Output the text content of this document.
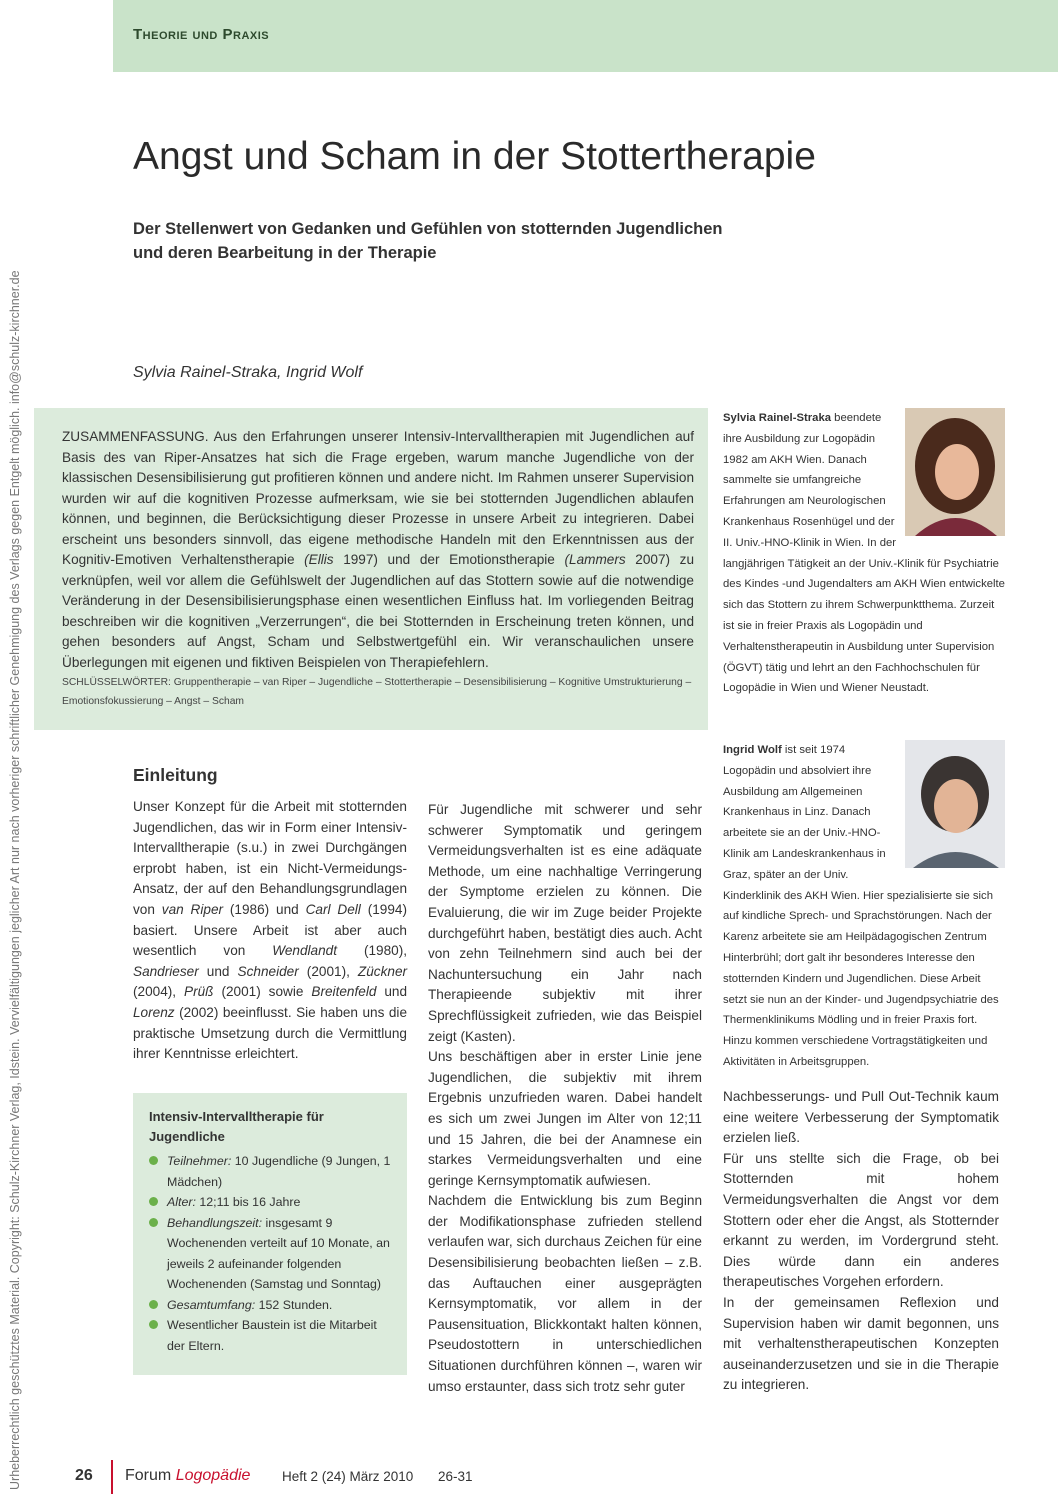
Theorie und Praxis
Urheberrechtlich geschütztes Material. Copyright: Schulz-Kirchner Verlag, Idstein. Vervielfältigungen jeglicher Art nur nach vorheriger schriftlicher Genehmigung des Verlags gegen Entgelt möglich. info@schulz-kirchner.de
Angst und Scham in der Stottertherapie
Der Stellenwert von Gedanken und Gefühlen von stotternden Jugendlichen und deren Bearbeitung in der Therapie
Sylvia Rainel-Straka, Ingrid Wolf
ZUSAMMENFASSUNG. Aus den Erfahrungen unserer Intensiv-Intervalltherapien mit Jugendlichen auf Basis des van Riper-Ansatzes hat sich die Frage ergeben, warum manche Jugendliche von der klassischen Desensibilisierung gut profitieren können und andere nicht. Im Rahmen unserer Supervision wurden wir auf die kognitiven Prozesse aufmerksam, wie sie bei stotternden Jugendlichen ablaufen können, und beginnen, die Berücksichtigung dieser Prozesse in unsere Arbeit zu integrieren. Dabei erscheint uns besonders sinnvoll, das eigene methodische Handeln mit den Erkenntnissen aus der Kognitiv-Emotiven Verhaltenstherapie (Ellis 1997) und der Emotionstherapie (Lammers 2007) zu verknüpfen, weil vor allem die Gefühlswelt der Jugendlichen auf das Stottern sowie auf die notwendige Veränderung in der Desensibilisierungsphase einen wesentlichen Einfluss hat. Im vorliegenden Beitrag beschreiben wir die kognitiven „Verzerrungen“, die bei Stotternden in Erscheinung treten können, und gehen besonders auf Angst, Scham und Selbstwertgefühl ein. Wir veranschaulichen unsere Überlegungen mit eigenen und fiktiven Beispielen von Therapiefehlern.
SCHLÜSSELWÖRTER: Gruppentherapie – van Riper – Jugendliche – Stottertherapie – Desensibilisierung – Kognitive Umstrukturierung – Emotionsfokussierung – Angst – Scham
Sylvia Rainel-Straka beendete ihre Ausbildung zur Logopädin 1982 am AKH Wien. Danach sammelte sie umfangreiche Erfahrungen am Neurologischen Krankenhaus Rosenhügel und der II. Univ.-HNO-Klinik in Wien. In der langjährigen Tätigkeit an der Univ.-Klinik für Psychiatrie des Kindes -und Jugendalters am AKH Wien entwickelte sich das Stottern zu ihrem Schwerpunktthema. Zurzeit ist sie in freier Praxis als Logopädin und Verhaltenstherapeutin in Ausbildung unter Supervision (ÖGVT) tätig und lehrt an den Fachhochschulen für Logopädie in Wien und Wiener Neustadt.
Ingrid Wolf ist seit 1974 Logopädin und absolviert ihre Ausbildung am Allgemeinen Krankenhaus in Linz. Danach arbeitete sie an der Univ.-HNO-Klinik am Landeskrankenhaus in Graz, später an der Univ. Kinderklinik des AKH Wien. Hier spezialisierte sie sich auf kindliche Sprech- und Sprachstörungen. Nach der Karenz arbeitete sie am Heilpädagogischen Zentrum Hinterbrühl; dort galt ihr besonderes Interesse den stotternden Kindern und Jugendlichen. Diese Arbeit setzt sie nun an der Kinder- und Jugendpsychiatrie des Thermenklinikums Mödling und in freier Praxis fort. Hinzu kommen verschiedene Vortragstätigkeiten und Aktivitäten in Arbeitsgruppen.
Einleitung
Unser Konzept für die Arbeit mit stotternden Jugendlichen, das wir in Form einer Intensiv-Intervalltherapie (s.u.) in zwei Durchgängen erprobt haben, ist ein Nicht-Vermeidungs-Ansatz, der auf den Behandlungsgrundlagen von van Riper (1986) und Carl Dell (1994) basiert. Unsere Arbeit ist aber auch wesentlich von Wendlandt (1980), Sandrieser und Schneider (2001), Zückner (2004), Prüß (2001) sowie Breitenfeld und Lorenz (2002) beeinflusst. Sie haben uns die praktische Umsetzung durch die Vermittlung ihrer Kenntnisse erleichtert.
Intensiv-Intervalltherapie für Jugendliche
Teilnehmer: 10 Jugendliche (9 Jungen, 1 Mädchen)
Alter: 12;11 bis 16 Jahre
Behandlungszeit: insgesamt 9 Wochenenden verteilt auf 10 Monate, an jeweils 2 aufeinander folgenden Wochenenden (Samstag und Sonntag)
Gesamtumfang: 152 Stunden.
Wesentlicher Baustein ist die Mitarbeit der Eltern.
Für Jugendliche mit schwerer und sehr schwerer Symptomatik und geringem Vermeidungsverhalten ist es eine adäquate Methode, um eine nachhaltige Verringerung der Symptome erzielen zu können. Die Evaluierung, die wir im Zuge beider Projekte durchgeführt haben, bestätigt dies auch. Acht von zehn Teilnehmern sind auch bei der Nachuntersuchung ein Jahr nach Therapieende subjektiv mit ihrer Sprechflüssigkeit zufrieden, wie das Beispiel zeigt (Kasten).
Uns beschäftigen aber in erster Linie jene Jugendlichen, die subjektiv mit ihrem Ergebnis unzufrieden waren. Dabei handelt es sich um zwei Jungen im Alter von 12;11 und 15 Jahren, die bei der Anamnese ein starkes Vermeidungsverhalten und eine geringe Kernsymptomatik aufwiesen.
Nachdem die Entwicklung bis zum Beginn der Modifikationsphase zufrieden stellend verlaufen war, sich durchaus Zeichen für eine Desensibilisierung beobachten ließen – z.B. das Auftauchen einer ausgeprägten Kernsymptomatik, vor allem in der Pausensituation, Blickkontakt halten können, Pseudostottern in unterschiedlichen Situationen durchführen können –, waren wir umso erstaunter, dass sich trotz sehr guter
Nachbesserungs- und Pull Out-Technik kaum eine weitere Verbesserung der Symptomatik erzielen ließ.
Für uns stellte sich die Frage, ob bei Stotternden mit hohem Vermeidungsverhalten die Angst vor dem Stottern oder eher die Angst, als Stotternder erkannt zu werden, im Vordergrund steht. Dies würde dann ein anderes therapeutisches Vorgehen erfordern.
In der gemeinsamen Reflexion und Supervision haben wir damit begonnen, uns mit verhaltenstherapeutischen Konzepten auseinanderzusetzen und sie in die Therapie zu integrieren.
26 Forum Logopädie Heft 2 (24) März 2010 26-31
